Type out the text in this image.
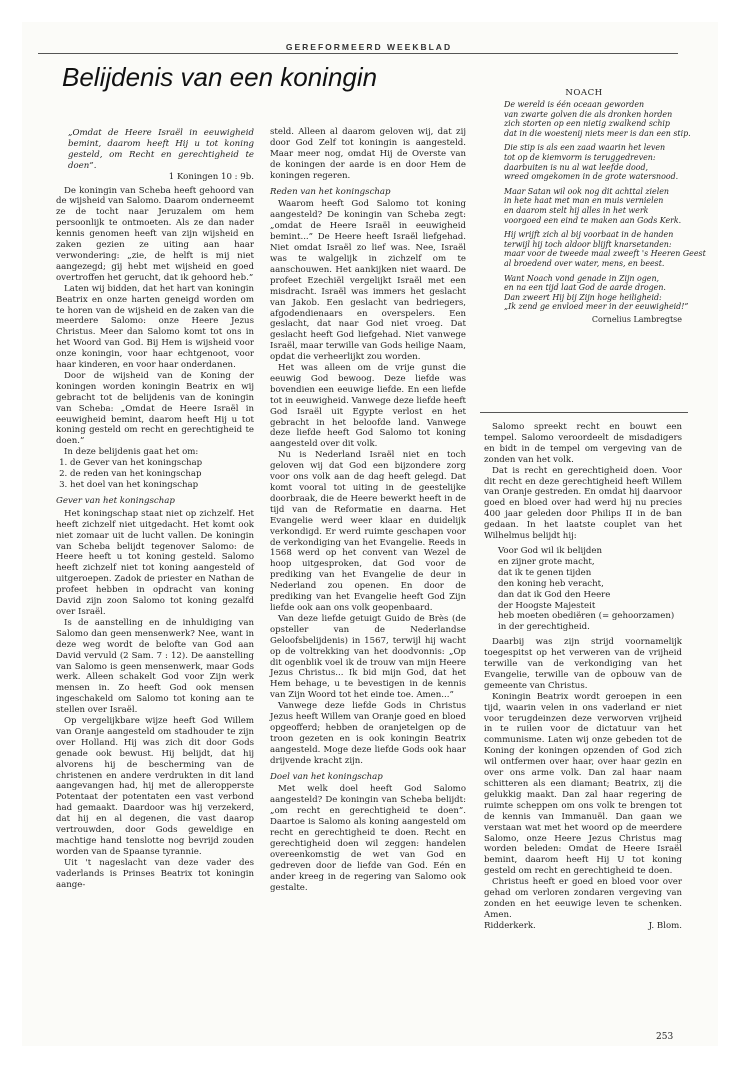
GEREFORMEERD WEEKBLAD
Belijdenis van een koningin

„Omdat de Heere Israël in eeuwigheid bemint, daarom heeft Hij u tot koning gesteld, om Recht en gerechtigheid te doen”.

1 Koningen 10 : 9b.

De koningin van Scheba heeft gehoord van de wijsheid van Salomo. Daarom onderneemt ze de tocht naar Jeruzalem om hem persoonlijk te ontmoeten. Als ze dan nader kennis genomen heeft van zijn wijsheid en zaken gezien ze uiting aan haar verwondering: „zie, de helft is mij niet aangezegd; gij hebt met wijsheid en goed overtroffen het gerucht, dat ik gehoord heb.”

Laten wij bidden, dat het hart van koningin Beatrix en onze harten geneigd worden om te horen van de wijsheid en de zaken van die meerdere Salomo: onze Heere Jezus Christus. Meer dan Salomo komt tot ons in het Woord van God. Bij Hem is wijsheid voor onze koningin, voor haar echtgenoot, voor haar kinderen, en voor haar onderdanen.

Door de wijsheid van de Koning der koningen worden koningin Beatrix en wij gebracht tot de belijdenis van de koningin van Scheba: „Omdat de Heere Israël in eeuwigheid bemint, daarom heeft Hij u tot koning gesteld om recht en gerechtigheid te doen.”

In deze belijdenis gaat het om:

1. de Gever van het koningschap
2. de reden van het koningschap
3. het doel van het koningschap
Gever van het koningschap

Het koningschap staat niet op zichzelf. Het heeft zichzelf niet uitgedacht. Het komt ook niet zomaar uit de lucht vallen. De koningin van Scheba belijdt tegenover Salomo: de Heere heeft u tot koning gesteld. Salomo heeft zichzelf niet tot koning aangesteld of uitgeroepen. Zadok de priester en Nathan de profeet hebben in opdracht van koning David zijn zoon Salomo tot koning gezalfd over Israël.

Is de aanstelling en de inhuldiging van Salomo dan geen mensenwerk? Nee, want in deze weg wordt de belofte van God aan David vervuld (2 Sam. 7 : 12). De aanstelling van Salomo is geen mensenwerk, maar Gods werk. Alleen schakelt God voor Zijn werk mensen in. Zo heeft God ook mensen ingeschakeld om Salomo tot koning aan te stellen over Israël.

Op vergelijkbare wijze heeft God Willem van Oranje aangesteld om stadhouder te zijn over Holland. Hij was zich dit door Gods genade ook bewust. Hij belijdt, dat hij alvorens hij de bescherming van de christenen en andere verdrukten in dit land aangevangen had, hij met de alleropperste Potentaat der potentaten een vast verbond had gemaakt. Daardoor was hij verzekerd, dat hij en al degenen, die vast daarop vertrouwden, door Gods geweldige en machtige hand tenslotte nog bevrijd zouden worden van de Spaanse tyrannie.

Uit 't nageslacht van deze vader des vaderlands is Prinses Beatrix tot koningin aange-

steld. Alleen al daarom geloven wij, dat zij door God Zelf tot koningin is aangesteld. Maar meer nog, omdat Hij de Overste van de koningen der aarde is en door Hem de koningen regeren.

Reden van het koningschap

Waarom heeft God Salomo tot koning aangesteld? De koningin van Scheba zegt: „omdat de Heere Israël in eeuwigheid bemint...” De Heere heeft Israël liefgehad. Niet omdat Israël zo lief was. Nee, Israël was te walgelijk in zichzelf om te aanschouwen. Het aankijken niet waard. De profeet Ezechiël vergelijkt Israël met een misdracht. Israël was immers het geslacht van Jakob. Een geslacht van bedriegers, afgodendienaars en overspelers. Een geslacht, dat naar God niet vroeg. Dat geslacht heeft God liefgehad. Niet vanwege Israël, maar terwille van Gods heilige Naam, opdat die verheerlijkt zou worden.

Het was alleen om de vrije gunst die eeuwig God bewoog. Deze liefde was bovendien een eeuwige liefde. En een liefde tot in eeuwigheid. Vanwege deze liefde heeft God Israël uit Egypte verlost en het gebracht in het beloofde land. Vanwege deze liefde heeft God Salomo tot koning aangesteld over dit volk.

Nu is Nederland Israël niet en toch geloven wij dat God een bijzondere zorg voor ons volk aan de dag heeft gelegd. Dat komt vooral tot uiting in de geestelijke doorbraak, die de Heere bewerkt heeft in de tijd van de Reformatie en daarna. Het Evangelie werd weer klaar en duidelijk verkondigd. Er werd ruimte geschapen voor de verkondiging van het Evangelie. Reeds in 1568 werd op het convent van Wezel de hoop uitgesproken, dat God voor de prediking van het Evangelie de deur in Nederland zou openen. En door de prediking van het Evangelie heeft God Zijn liefde ook aan ons volk geopenbaard.

Van deze liefde getuigt Guido de Brès (de opsteller van de Nederlandse Geloofsbelijdenis) in 1567, terwijl hij wacht op de voltrekking van het doodvonnis: „Op dit ogenblik voel ik de trouw van mijn Heere Jezus Christus... Ik bid mijn God, dat het Hem behage, u te bevestigen in de kennis van Zijn Woord tot het einde toe. Amen...”

Vanwege deze liefde Gods in Christus Jezus heeft Willem van Oranje goed en bloed opgeofferd; hebben de oranjetelgen op de troon gezeten en is ook koningin Beatrix aangesteld. Moge deze liefde Gods ook haar drijvende kracht zijn.

Doel van het koningschap

Met welk doel heeft God Salomo aangesteld? De koningin van Scheba belijdt: „om recht en gerechtigheid te doen”. Daartoe is Salomo als koning aangesteld om recht en gerechtigheid te doen. Recht en gerechtigheid doen wil zeggen: handelen overeenkomstig de wet van God en gedreven door de liefde van God. Eén en ander kreeg in de regering van Salomo ook gestalte.

NOACH
De wereld is één oceaan geworden
van zwarte golven die als dronken horden
zich storten op een nietig zwalkend schip
dat in die woestenij niets meer is dan een stip.
Die stip is als een zaad waarin het leven
tot op de kiemvorm is teruggedreven:
daarbuiten is nu al wat leefde dood,
wreed omgekomen in de grote watersnood.
Maar Satan wil ook nog dit achttal zielen
in hete haat met man en muis vernielen
en daarom stelt hij alles in het werk
voorgoed een eind te maken aan Gods Kerk.
Hij wrijft zich al bij voorbaat in de handen
terwijl hij toch aldoor blijft knarsetanden:
maar voor de tweede maal zweeft 's Heeren Geest
al broedend over water, mens, en beest.
Want Noach vond genade in Zijn ogen,
en na een tijd laat God de aarde drogen.
Dan zweert Hij bij Zijn hoge heiligheid:
„Ik zend ge envloed meer in der eeuwigheid!”
Cornelius Lambregtse

Salomo spreekt recht en bouwt een tempel. Salomo veroordeelt de misdadigers en bidt in de tempel om vergeving van de zonden van het volk.

Dat is recht en gerechtigheid doen. Voor dit recht en deze gerechtigheid heeft Willem van Oranje gestreden. En omdat hij daarvoor goed en bloed over had werd hij nu precies 400 jaar geleden door Philips II in de ban gedaan. In het laatste couplet van het Wilhelmus belijdt hij:

Voor God wil ik belijden
en zijner grote macht,
dat ik te genen tijden
den koning heb veracht,
dan dat ik God den Heere
der Hoogste Majesteit
heb moeten obediëren (= gehoorzamen)
in der gerechtigheid.

Daarbij was zijn strijd voornamelijk toegespitst op het verweren van de vrijheid terwille van de verkondiging van het Evangelie, terwille van de opbouw van de gemeente van Christus.

Koningin Beatrix wordt geroepen in een tijd, waarin velen in ons vaderland er niet voor terugdeinzen deze verworven vrijheid in te ruilen voor de dictatuur van het communisme. Laten wij onze gebeden tot de Koning der koningen opzenden of God zich wil ontfermen over haar, over haar gezin en over ons arme volk. Dan zal haar naam schitteren als een diamant; Beatrix, zij die gelukkig maakt. Dan zal haar regering de ruimte scheppen om ons volk te brengen tot de kennis van Immanuël. Dan gaan we verstaan wat met het woord op de meerdere Salomo, onze Heere Jezus Christus mag worden beleden: Omdat de Heere Israël bemint, daarom heeft Hij U tot koning gesteld om recht en gerechtigheid te doen.

Christus heeft er goed en bloed voor over gehad om verloren zondaren vergeving van zonden en het eeuwige leven te schenken. Amen.

Ridderkerk.	J. Blom.
253
